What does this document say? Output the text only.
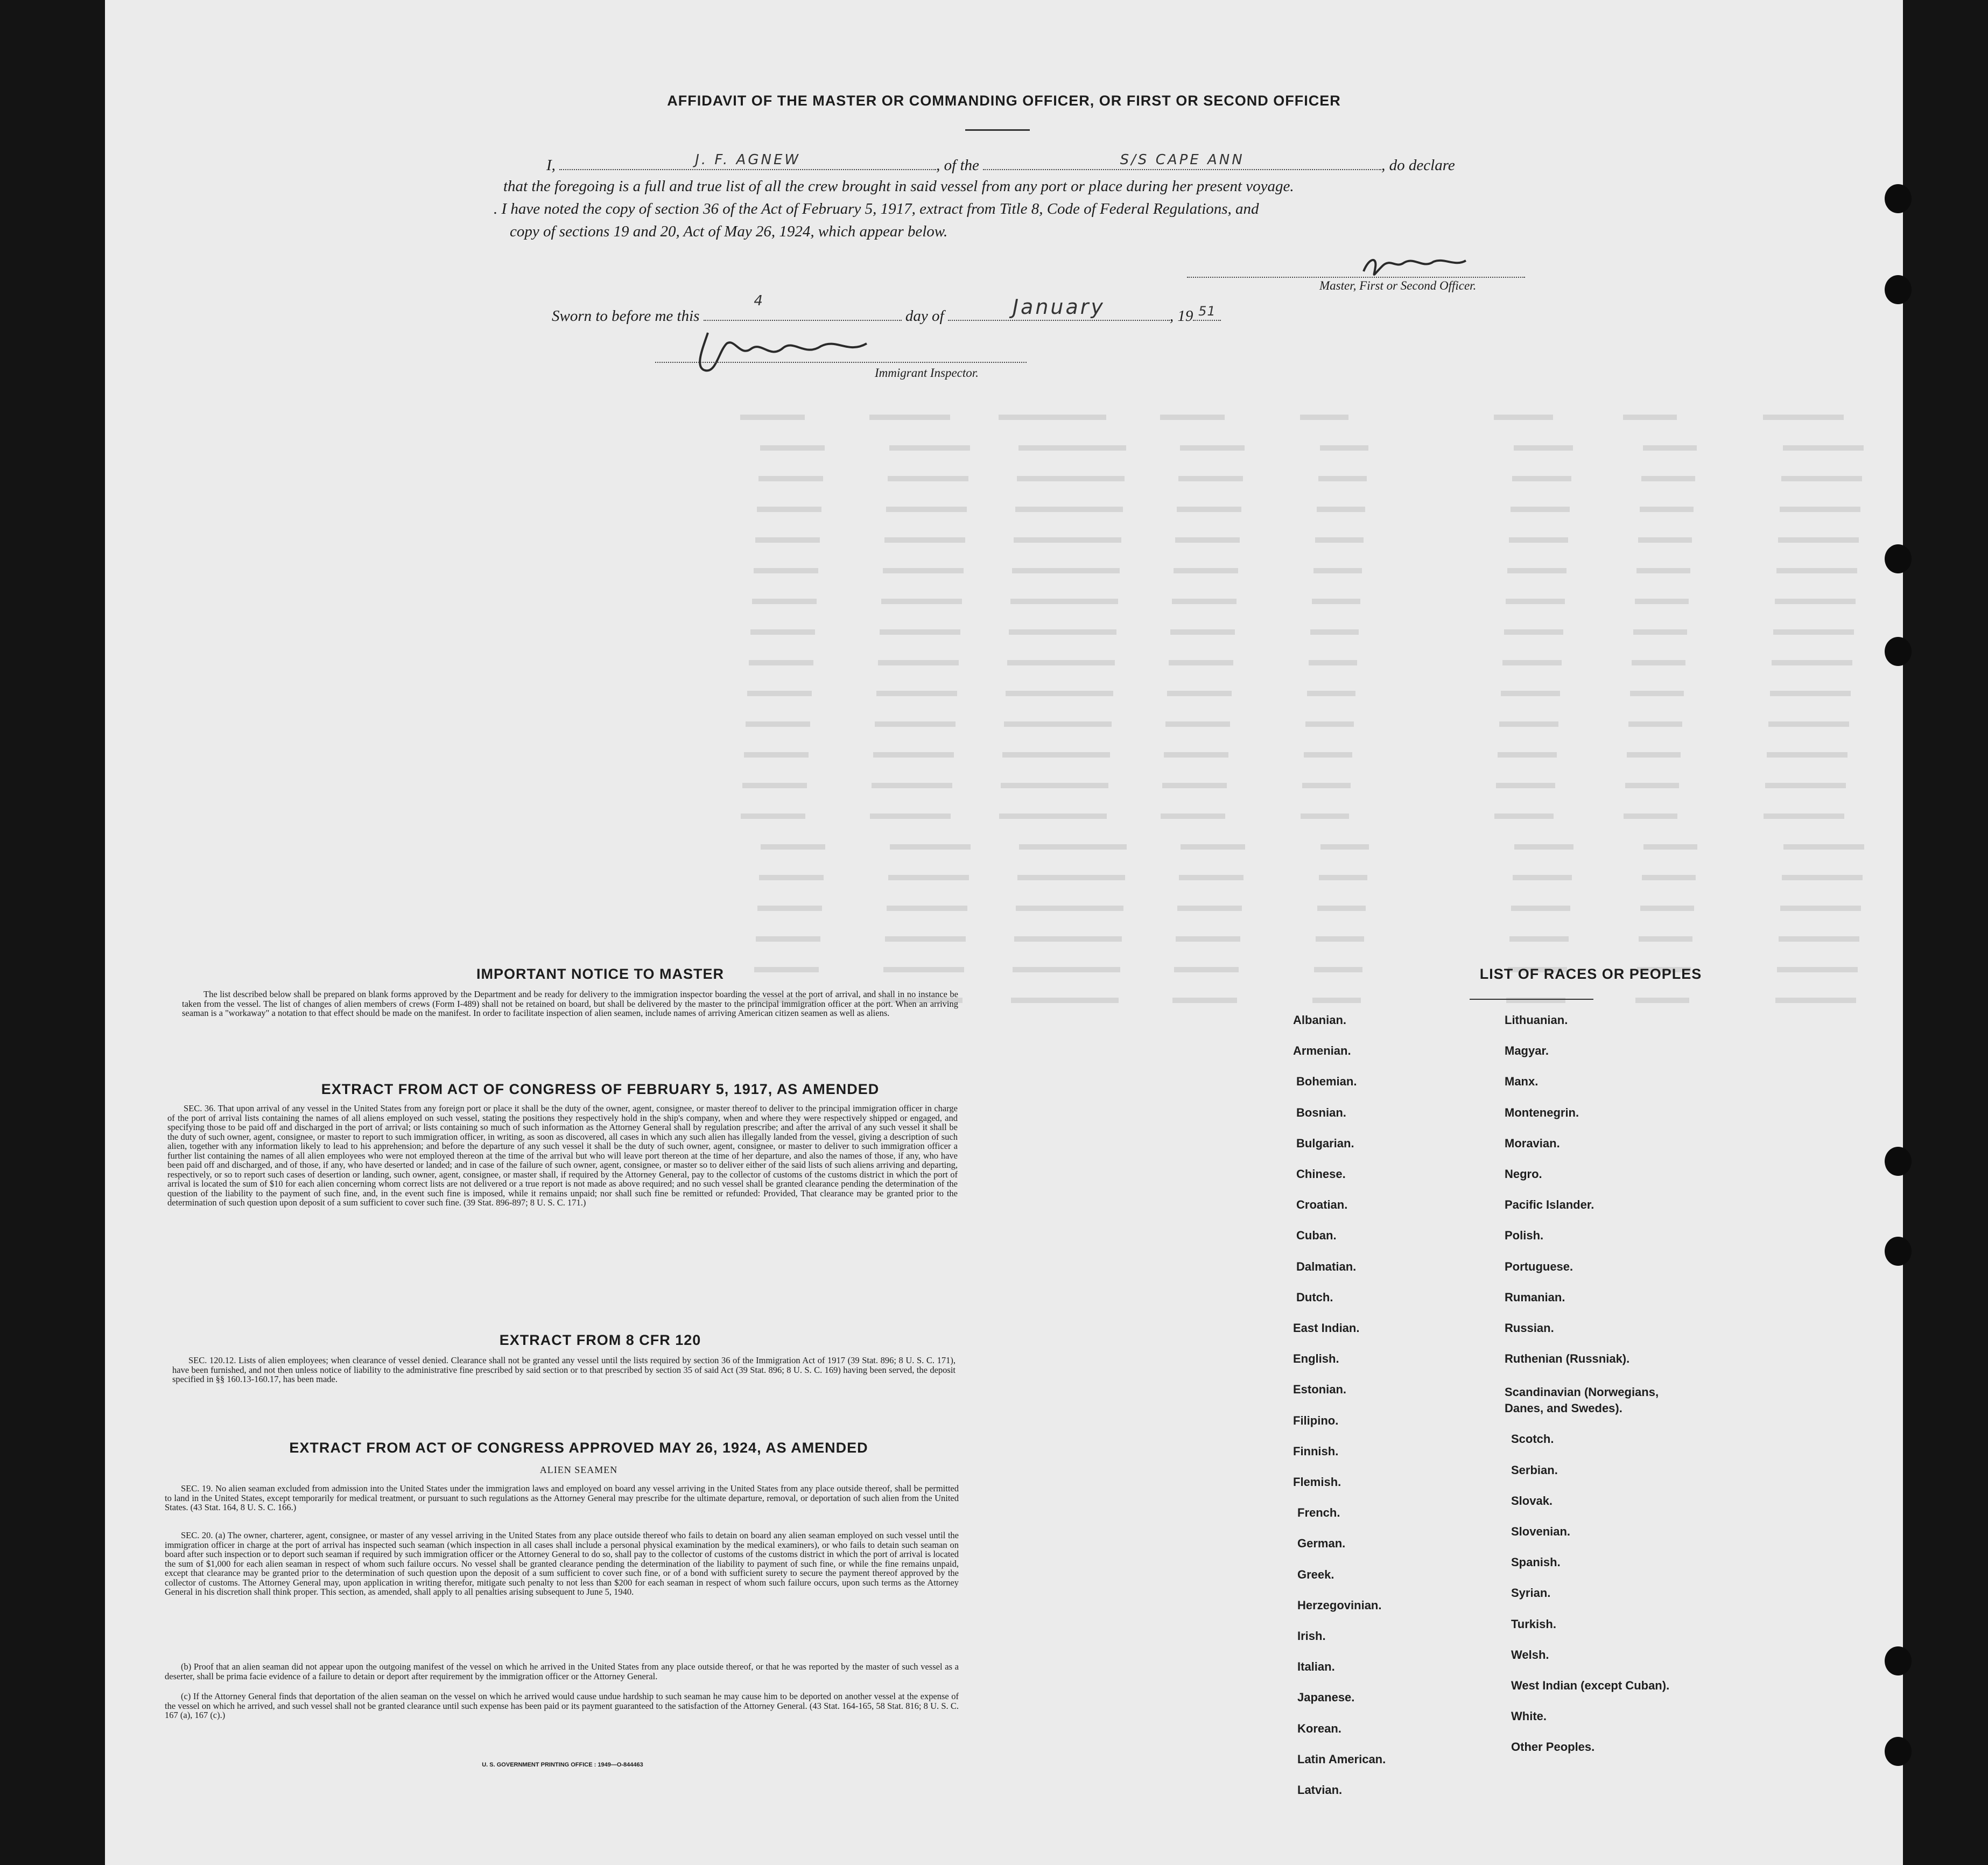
AFFIDAVIT OF THE MASTER OR COMMANDING OFFICER, OR FIRST OR SECOND OFFICER
I,	J. F. AGNEW	, of the	S/S CAPE ANN	, do declare
that the foregoing is a full and true list of all the crew brought in said vessel from any port or place during her present voyage.
. I have noted the copy of section 36 of the Act of February 5, 1917, extract from Title 8, Code of Federal Regulations, and
copy of sections 19 and 20, Act of May 26, 1924, which appear below.
Master, First or Second Officer.
Sworn to before me this
4
day of	January	, 19 51
Immigrant Inspector.
IMPORTANT NOTICE TO MASTER
The list described below shall be prepared on blank forms approved by the Department and be ready for delivery to the immigration inspector boarding the vessel at the port of arrival, and shall in no instance be taken from the vessel. The list of changes of alien members of crews (Form I-489) shall not be retained on board, but shall be delivered by the master to the principal immigration officer at the port. When an arriving seaman is a "workaway" a notation to that effect should be made on the manifest. In order to facilitate inspection of alien seamen, include names of arriving American citizen seamen as well as aliens.
EXTRACT FROM ACT OF CONGRESS OF FEBRUARY 5, 1917, AS AMENDED
SEC. 36. That upon arrival of any vessel in the United States from any foreign port or place it shall be the duty of the owner, agent, consignee, or master thereof to deliver to the principal immigration officer in charge of the port of arrival lists containing the names of all aliens employed on such vessel, stating the positions they respectively hold in the ship's company, when and where they were respectively shipped or engaged, and specifying those to be paid off and discharged in the port of arrival; or lists containing so much of such information as the Attorney General shall by regulation prescribe; and after the arrival of any such vessel it shall be the duty of such owner, agent, consignee, or master to report to such immigration officer, in writing, as soon as discovered, all cases in which any such alien has illegally landed from the vessel, giving a description of such alien, together with any information likely to lead to his apprehension; and before the departure of any such vessel it shall be the duty of such owner, agent, consignee, or master to deliver to such immigration officer a further list containing the names of all alien employees who were not employed thereon at the time of the arrival but who will leave port thereon at the time of her departure, and also the names of those, if any, who have been paid off and discharged, and of those, if any, who have deserted or landed; and in case of the failure of such owner, agent, consignee, or master so to deliver either of the said lists of such aliens arriving and departing, respectively, or so to report such cases of desertion or landing, such owner, agent, consignee, or master shall, if required by the Attorney General, pay to the collector of customs of the customs district in which the port of arrival is located the sum of $10 for each alien concerning whom correct lists are not delivered or a true report is not made as above required; and no such vessel shall be granted clearance pending the determination of the question of the liability to the payment of such fine, and, in the event such fine is imposed, while it remains unpaid; nor shall such fine be remitted or refunded: Provided, That clearance may be granted prior to the determination of such question upon deposit of a sum sufficient to cover such fine. (39 Stat. 896-897; 8 U. S. C. 171.)
EXTRACT FROM 8 CFR 120
SEC. 120.12. Lists of alien employees; when clearance of vessel denied. Clearance shall not be granted any vessel until the lists required by section 36 of the Immigration Act of 1917 (39 Stat. 896; 8 U. S. C. 171), have been furnished, and not then unless notice of liability to the administrative fine prescribed by said section or to that prescribed by section 35 of said Act (39 Stat. 896; 8 U. S. C. 169) having been served, the deposit specified in §§ 160.13-160.17, has been made.
EXTRACT FROM ACT OF CONGRESS APPROVED MAY 26, 1924, AS AMENDED
ALIEN SEAMEN
SEC. 19. No alien seaman excluded from admission into the United States under the immigration laws and employed on board any vessel arriving in the United States from any place outside thereof, shall be permitted to land in the United States, except temporarily for medical treatment, or pursuant to such regulations as the Attorney General may prescribe for the ultimate departure, removal, or deportation of such alien from the United States. (43 Stat. 164, 8 U. S. C. 166.)
SEC. 20. (a) The owner, charterer, agent, consignee, or master of any vessel arriving in the United States from any place outside thereof who fails to detain on board any alien seaman employed on such vessel until the immigration officer in charge at the port of arrival has inspected such seaman (which inspection in all cases shall include a personal physical examination by the medical examiners), or who fails to detain such seaman on board after such inspection or to deport such seaman if required by such immigration officer or the Attorney General to do so, shall pay to the collector of customs of the customs district in which the port of arrival is located the sum of $1,000 for each alien seaman in respect of whom such failure occurs. No vessel shall be granted clearance pending the determination of the liability to payment of such fine, or while the fine remains unpaid, except that clearance may be granted prior to the determination of such question upon the deposit of a sum sufficient to cover such fine, or of a bond with sufficient surety to secure the payment thereof approved by the collector of customs. The Attorney General may, upon application in writing therefor, mitigate such penalty to not less than $200 for each seaman in respect of whom such failure occurs, upon such terms as the Attorney General in his discretion shall think proper. This section, as amended, shall apply to all penalties arising subsequent to June 5, 1940.
(b) Proof that an alien seaman did not appear upon the outgoing manifest of the vessel on which he arrived in the United States from any place outside thereof, or that he was reported by the master of such vessel as a deserter, shall be prima facie evidence of a failure to detain or deport after requirement by the immigration officer or the Attorney General.
(c) If the Attorney General finds that deportation of the alien seaman on the vessel on which he arrived would cause undue hardship to such seaman he may cause him to be deported on another vessel at the expense of the vessel on which he arrived, and such vessel shall not be granted clearance until such expense has been paid or its payment guaranteed to the satisfaction of the Attorney General. (43 Stat. 164-165, 58 Stat. 816; 8 U. S. C. 167 (a), 167 (c).)
U. S. GOVERNMENT PRINTING OFFICE : 1949—O-844463
LIST OF RACES OR PEOPLES
Albanian.
Armenian.
Bohemian.
Bosnian.
Bulgarian.
Chinese.
Croatian.
Cuban.
Dalmatian.
Dutch.
East Indian.
English.
Estonian.
Filipino.
Finnish.
Flemish.
French.
German.
Greek.
Herzegovinian.
Irish.
Italian.
Japanese.
Korean.
Latin American.
Latvian.
Lithuanian.
Magyar.
Manx.
Montenegrin.
Moravian.
Negro.
Pacific Islander.
Polish.
Portuguese.
Rumanian.
Russian.
Ruthenian (Russniak).
Scandinavian (Norwegians,
Danes, and Swedes).
Scotch.
Serbian.
Slovak.
Slovenian.
Spanish.
Syrian.
Turkish.
Welsh.
West Indian (except Cuban).
White.
Other Peoples.
